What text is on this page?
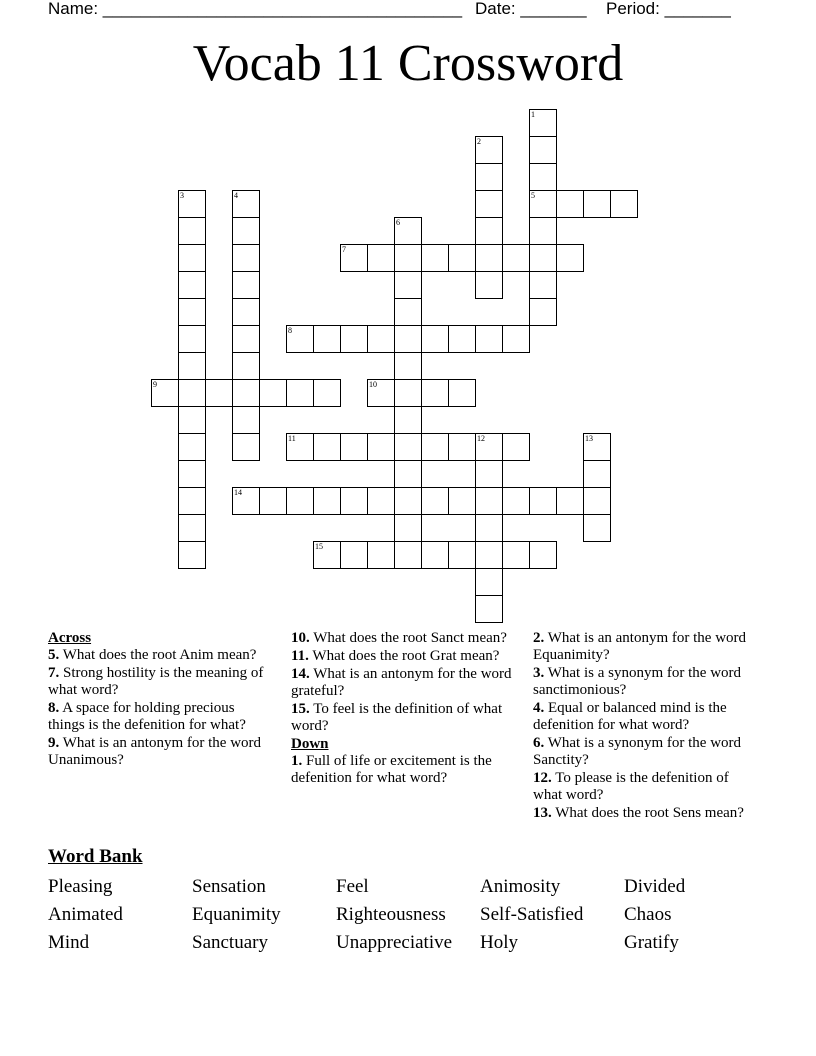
Name: ______________________________________ Date: _______ Period: _______
Vocab 11 Crossword
1
5
2
3	4
6
7
8
9	10
11	12	13
14
15
Across
5. What does the root Anim mean?
7. Strong hostility is the meaning of what word?
8. A space for holding precious things is the defenition for what?
9. What is an antonym for the word Unanimous?
10. What does the root Sanct mean?
11. What does the root Grat mean?
14. What is an antonym for the word grateful?
15. To feel is the definition of what word?
Down
1. Full of life or excitement is the defenition for what word?
2. What is an antonym for the word Equanimity?
3. What is a synonym for the word sanctimonious?
4. Equal or balanced mind is the defenition for what word?
6. What is a synonym for the word Sanctity?
12. To please is the defenition of what word?
13. What does the root Sens mean?
Word Bank
Pleasing	Sensation	Feel	Animosity	Divided
Animated	Equanimity	Righteousness Self-Satisfied Chaos
Mind	Sanctuary	Unappreciative Holy	Gratify
